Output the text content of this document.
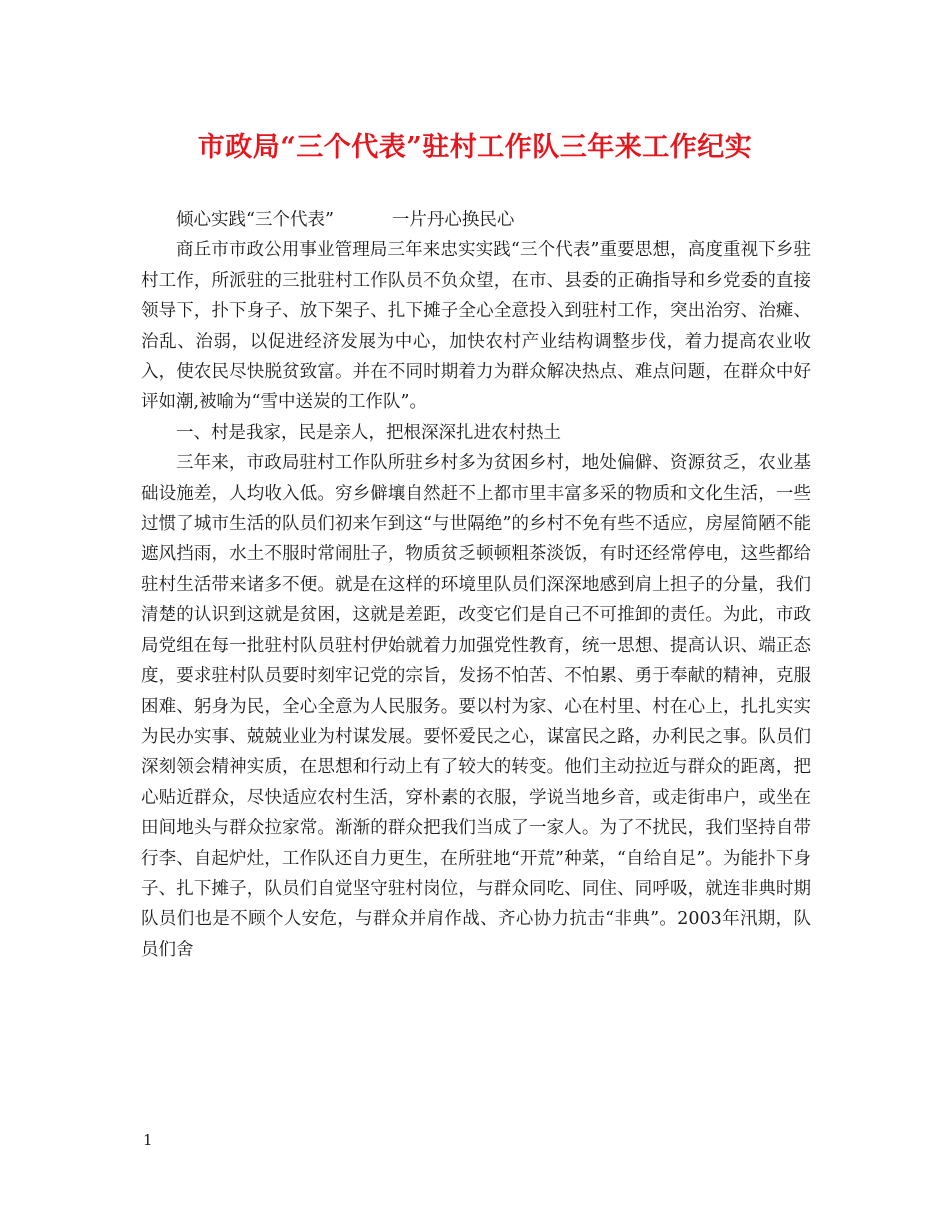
市政局“三个代表”驻村工作队三年来工作纪实

倾心实践“三个代表”	一片丹心换民心

商丘市市政公用事业管理局三年来忠实实践“三个代表”重要思想，高度重视下乡驻村工作，所派驻的三批驻村工作队员不负众望，在市、县委的正确指导和乡党委的直接领导下，扑下身子、放下架子、扎下摊子全心全意投入到驻村工作，突出治穷、治瘫、治乱、治弱，以促进经济发展为中心，加快农村产业结构调整步伐，着力提高农业收入，使农民尽快脱贫致富。并在不同时期着力为群众解决热点、难点问题，在群众中好评如潮,被喻为“雪中送炭的工作队”。

一、村是我家，民是亲人，把根深深扎进农村热土

三年来，市政局驻村工作队所驻乡村多为贫困乡村，地处偏僻、资源贫乏，农业基础设施差，人均收入低。穷乡僻壤自然赶不上都市里丰富多采的物质和文化生活，一些过惯了城市生活的队员们初来乍到这“与世隔绝”的乡村不免有些不适应，房屋简陋不能遮风挡雨，水土不服时常闹肚子，物质贫乏顿顿粗茶淡饭，有时还经常停电，这些都给驻村生活带来诸多不便。就是在这样的环境里队员们深深地感到肩上担子的分量，我们清楚的认识到这就是贫困，这就是差距，改变它们是自己不可推卸的责任。为此，市政局党组在每一批驻村队员驻村伊始就着力加强党性教育，统一思想、提高认识、端正态度，要求驻村队员要时刻牢记党的宗旨，发扬不怕苦、不怕累、勇于奉献的精神，克服困难、躬身为民，全心全意为人民服务。要以村为家、心在村里、村在心上，扎扎实实为民办实事、兢兢业业为村谋发展。要怀爱民之心，谋富民之路，办利民之事。队员们深刻领会精神实质，在思想和行动上有了较大的转变。他们主动拉近与群众的距离，把心贴近群众，尽快适应农村生活，穿朴素的衣服，学说当地乡音，或走街串户，或坐在田间地头与群众拉家常。渐渐的群众把我们当成了一家人。为了不扰民，我们坚持自带行李、自起炉灶，工作队还自力更生，在所驻地“开荒”种菜，“自给自足”。为能扑下身子、扎下摊子，队员们自觉坚守驻村岗位，与群众同吃、同住、同呼吸，就连非典时期队员们也是不顾个人安危，与群众并肩作战、齐心协力抗击“非典”。2003年汛期，队员们舍

1
